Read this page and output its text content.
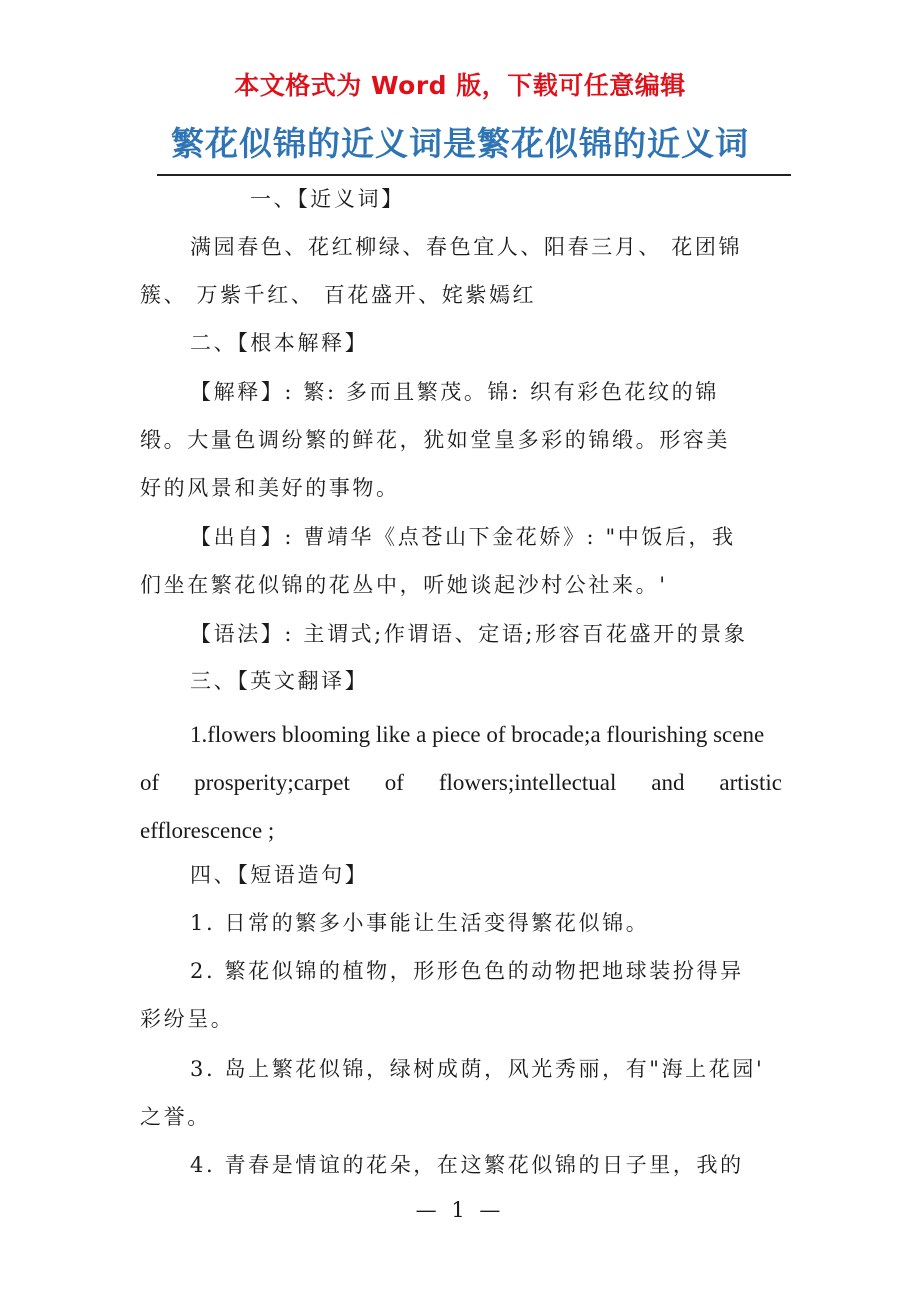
本文格式为 Word 版，下载可任意编辑
繁花似锦的近义词是繁花似锦的近义词
一、【近义词】
满园春色、花红柳绿、春色宜人、阳春三月、 花团锦
簇、 万紫千红、 百花盛开、姹紫嫣红
二、【根本解释】
【解释】: 繁: 多而且繁茂。锦: 织有彩色花纹的锦
缎。大量色调纷繁的鲜花，犹如堂皇多彩的锦缎。形容美
好的风景和美好的事物。
【出自】: 曹靖华《点苍山下金花娇》: "中饭后，我
们坐在繁花似锦的花丛中，听她谈起沙村公社来。'
【语法】: 主谓式;作谓语、定语;形容百花盛开的景象
三、【英文翻译】
1.flowers blooming like a piece of brocade;a flourishing scene
of prosperity;carpet of flowers;intellectual and artistic
efflorescence ;
四、【短语造句】
1. 日常的繁多小事能让生活变得繁花似锦。
2. 繁花似锦的植物，形形色色的动物把地球装扮得异
彩纷呈。
3. 岛上繁花似锦，绿树成荫，风光秀丽，有"海上花园'
之誉。
4. 青春是情谊的花朵，在这繁花似锦的日子里，我的
— 1 —
